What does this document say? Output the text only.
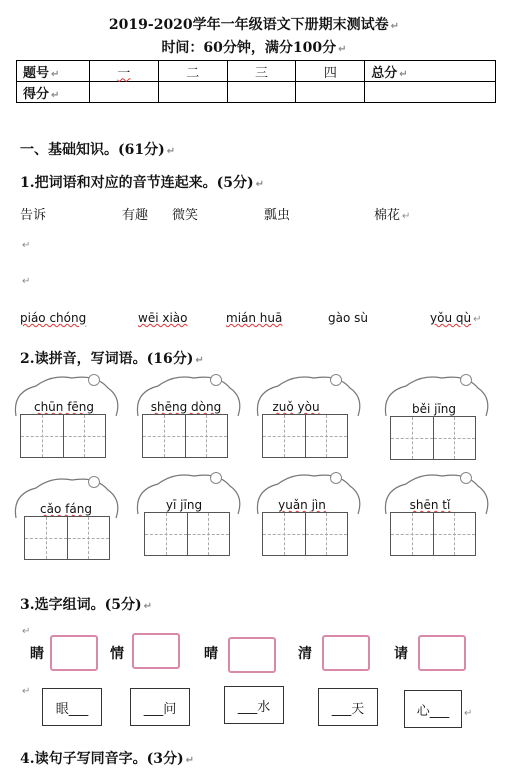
2019-2020学年一年级语文下册期末测试卷 ↵
时间：60分钟，满分100分 ↵
题号 ↵	一	二	三	四	总分 ↵
得分 ↵					
一、基础知识。(61分) ↵
1.把词语和对应的音节连起来。(5分) ↵
告诉	有趣 微笑	瓢虫	棉花 ↵
↵
↵
piáo chóng	wēi xiào	mián huā	gào sù	yǒu qù ↵
2.读拼音，写词语。(16分) ↵
chūn fēng	shēng dòng	zuǒ yòu	běi jīng
cǎo fáng	yī jīng	yuǎn jìn	shēn tǐ
3.选字组词。(5分) ↵
↵
睛	情	晴	清	请
↵
眼___	___问	___水	___天	心___	↵
4.读句子写同音字。(3分) ↵
